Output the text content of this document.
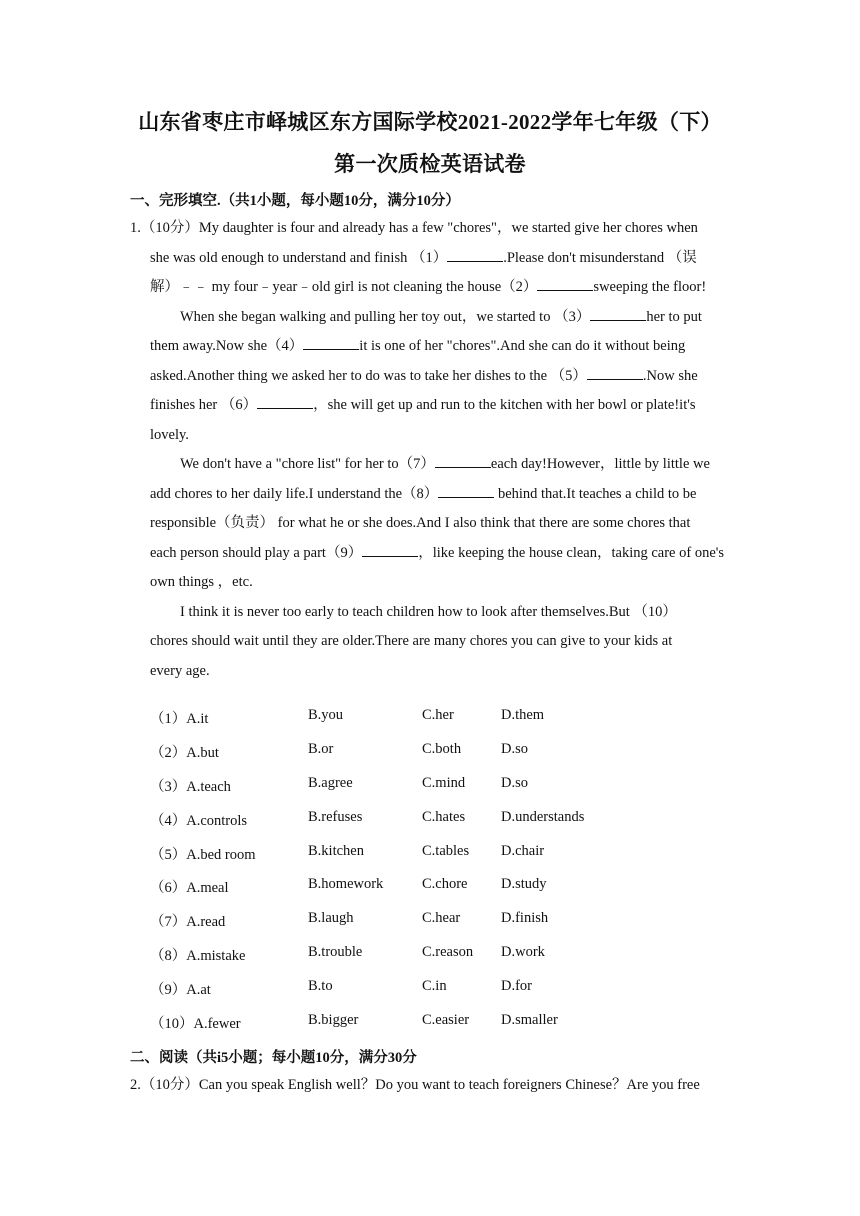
山东省枣庄市峄城区东方国际学校2021-2022学年七年级（下）
第一次质检英语试卷
一、完形填空.（共1小题，每小题10分，满分10分）
1.（10分）My daughter is four and already has a few "chores"，we started give her chores when
she was old enough to understand and finish （1）	.Please don't misunderstand （误
解）﹣﹣ my four﹣year﹣old girl is not cleaning the house（2）	sweeping the floor!
When she began walking and pulling her toy out，we started to （3）	her to put
them away.Now she（4）	it is one of her "chores".And she can do it without being
asked.Another thing we asked her to do was to take her dishes to the （5）	.Now she
finishes her （6）	，she will get up and run to the kitchen with her bowl or plate!it's
lovely.
We don't have a "chore list" for her to（7）	each day!However，little by little we
add chores to her daily life.I understand the（8）	behind that.It teaches a child to be
responsible（负责） for what he or she does.And I also think that there are some chores that
each person should play a part（9）	，like keeping the house clean，taking care of one's
own things ，etc.
I think it is never too early to teach children how to look after themselves.But （10）
chores should wait until they are older.There are many chores you can give to your kids at
every age.
（1）A.it	B.you	C.her	D.them
（2）A.but	B.or	C.both	D.so
（3）A.teach	B.agree	C.mind D.so
（4）A.controls	B.refuses	C.hates D.understands
（5）A.bed room	B.kitchen	C.tables D.chair
（6）A.meal	B.homework	C.chore D.study
（7）A.read	B.laugh	C.hear	D.finish
（8）A.mistake	B.trouble	C.reason D.work
（9）A.at	B.to	C.in	D.for
（10）A.fewer	B.bigger	C.easier D.smaller
二、阅读（共i5小题；每小题10分，满分30分
2.（10分）Can you speak English well？Do you want to teach foreigners Chinese？Are you free
